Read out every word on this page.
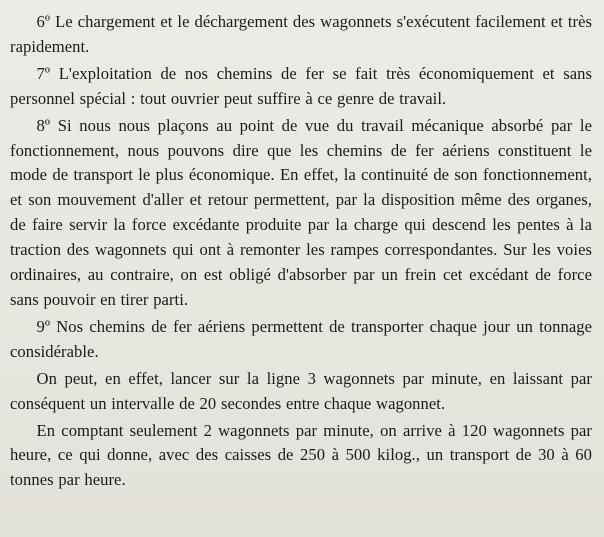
6º Le chargement et le déchargement des wagonnets s'exécutent facilement et très rapidement.

7º L'exploitation de nos chemins de fer se fait très économiquement et sans personnel spécial : tout ouvrier peut suffire à ce genre de travail.

8º Si nous nous plaçons au point de vue du travail mécanique absorbé par le fonctionnement, nous pouvons dire que les chemins de fer aériens constituent le mode de transport le plus économique. En effet, la continuité de son fonctionnement, et son mouvement d'aller et retour permettent, par la disposition même des organes, de faire servir la force excédante produite par la charge qui descend les pentes à la traction des wagonnets qui ont à remonter les rampes correspondantes. Sur les voies ordinaires, au contraire, on est obligé d'absorber par un frein cet excédant de force sans pouvoir en tirer parti.

9º Nos chemins de fer aériens permettent de transporter chaque jour un tonnage considérable.

On peut, en effet, lancer sur la ligne 3 wagonnets par minute, en laissant par conséquent un intervalle de 20 secondes entre chaque wagonnet.

En comptant seulement 2 wagonnets par minute, on arrive à 120 wagonnets par heure, ce qui donne, avec des caisses de 250 à 500 kilog., un transport de 30 à 60 tonnes par heure.
